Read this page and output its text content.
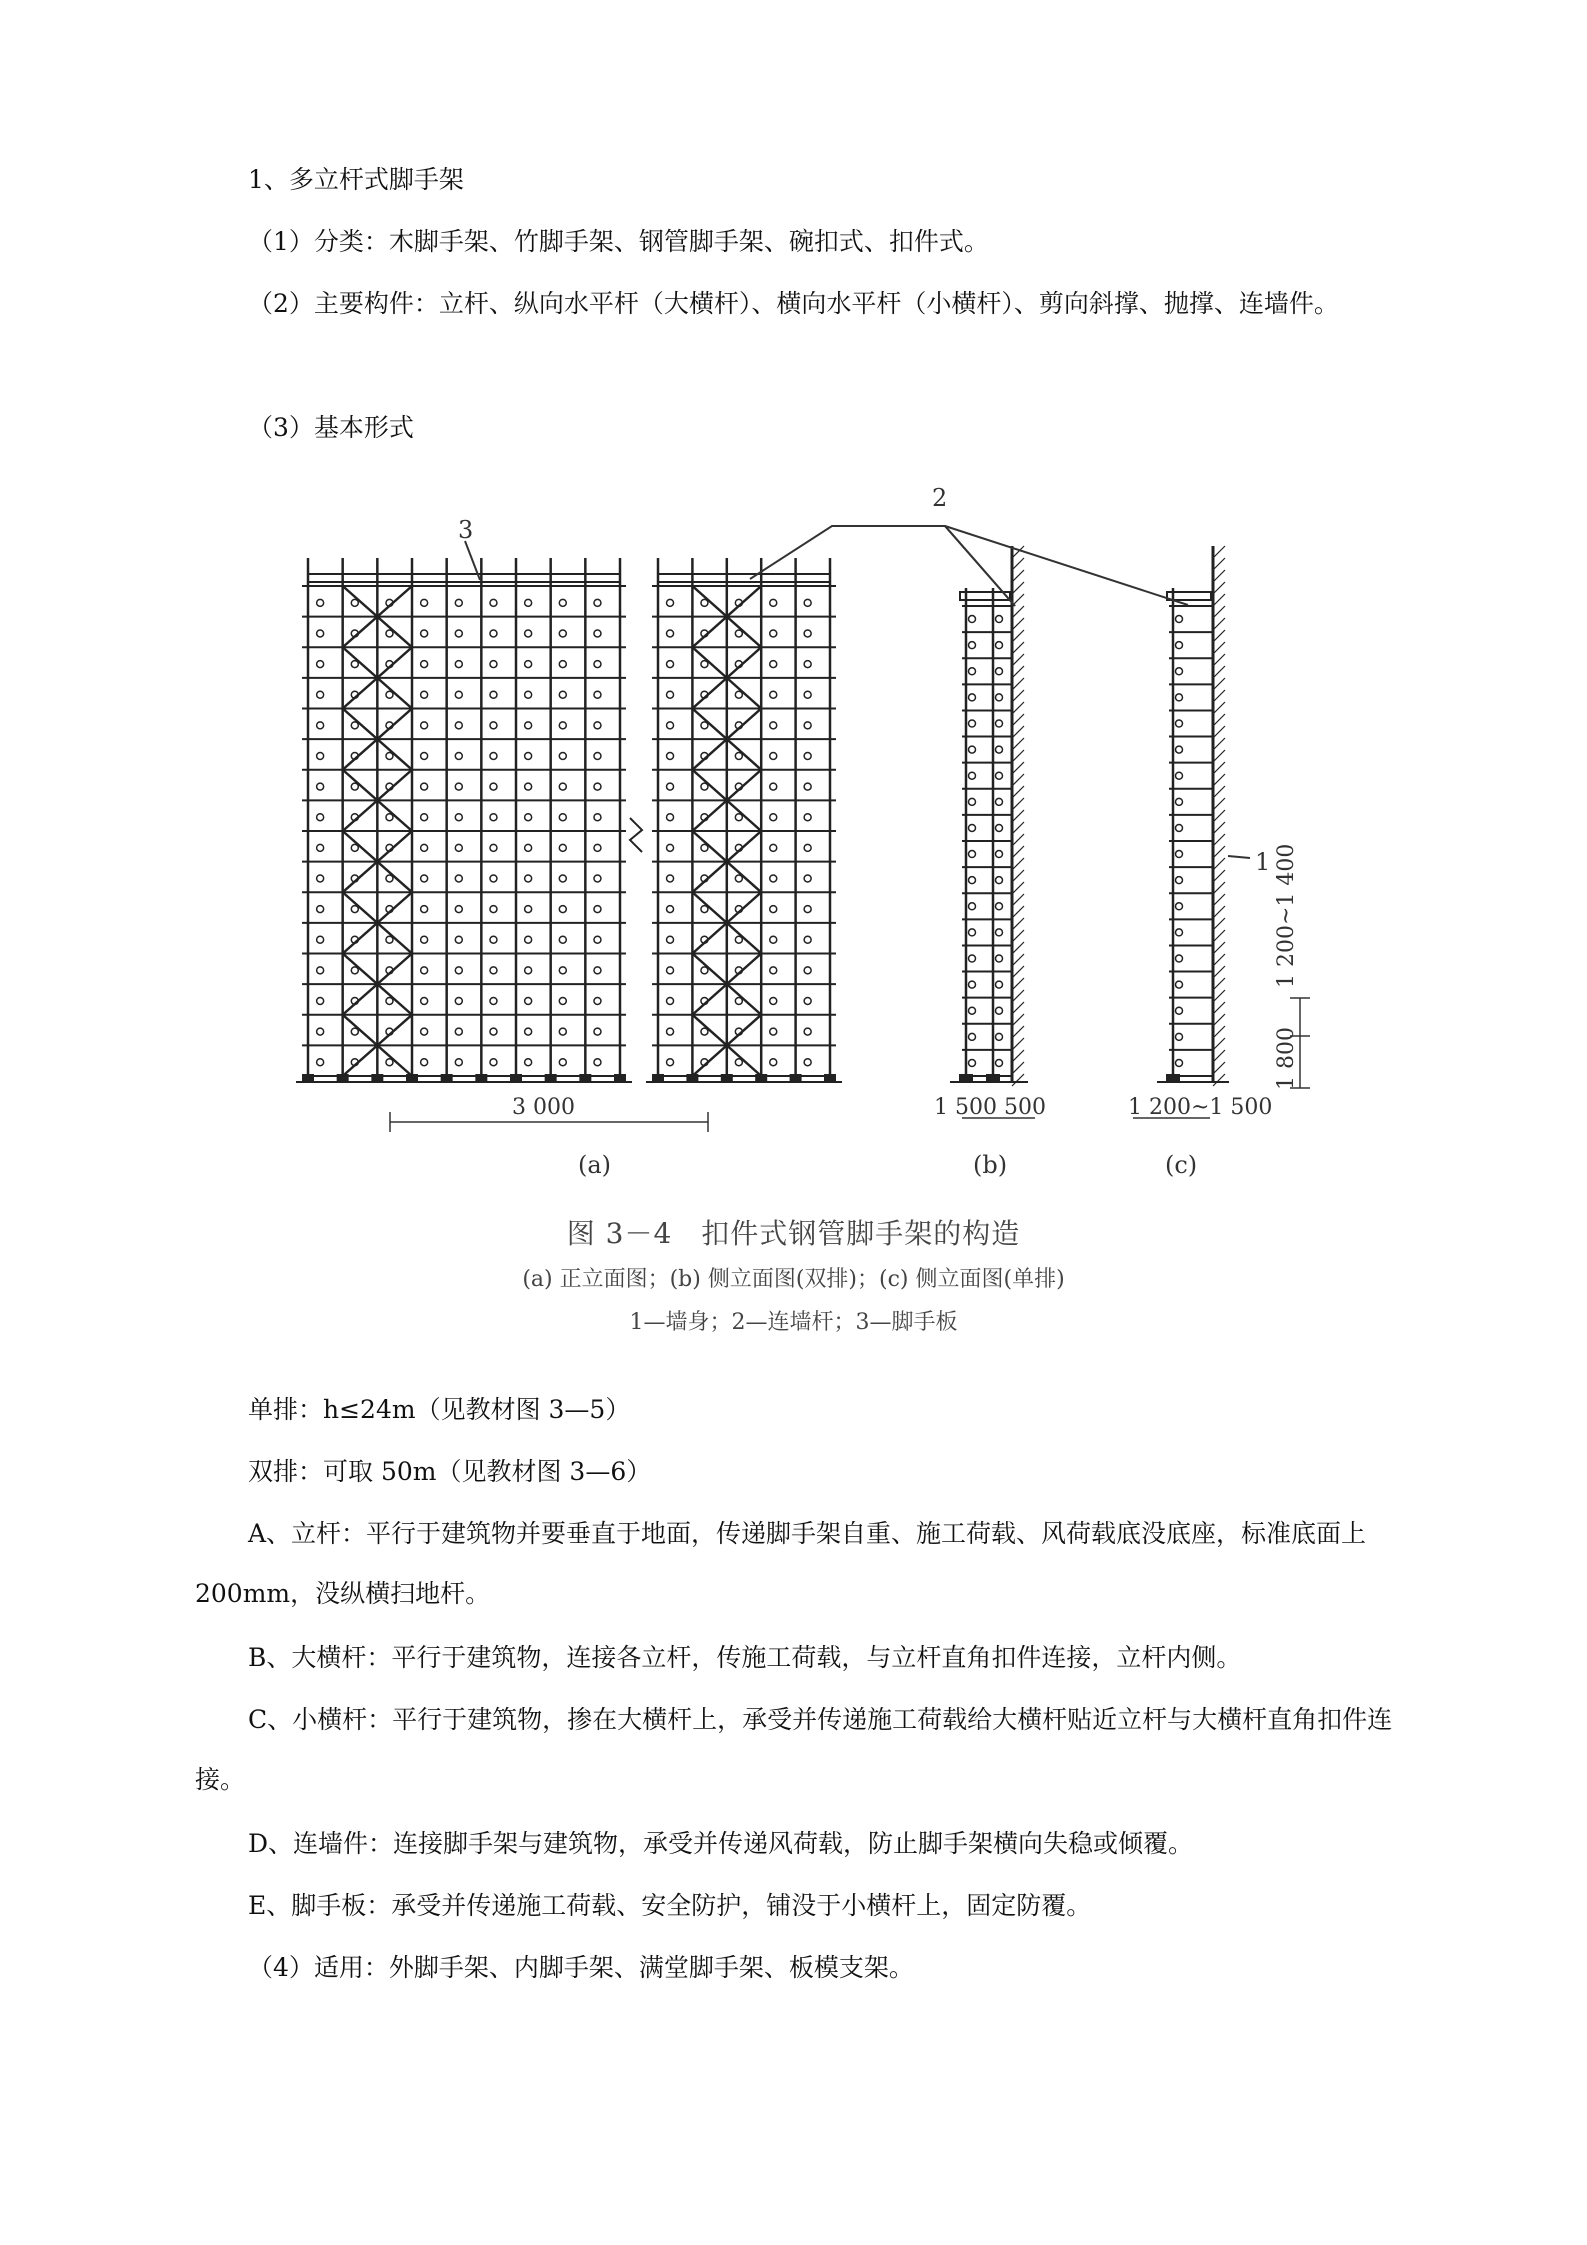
1、多立杆式脚手架

（1）分类：木脚手架、竹脚手架、钢管脚手架、碗扣式、扣件式。

（2）主要构件：立杆、纵向水平杆（大横杆）、横向水平杆（小横杆）、剪向斜撑、抛撑、连墙件。

（3）基本形式

3
2
1
3 000	1 500 500	1 200~1 500
1 200~1 400
1 800
(a)	(b)	(c)
图 3－4　扣件式钢管脚手架的构造
(a) 正立面图；(b) 侧立面图(双排)；(c) 侧立面图(单排)
1—墙身；2—连墙杆；3—脚手板

单排：h≤24m（见教材图 3—5）

双排：可取 50m（见教材图 3—6）

A、立杆：平行于建筑物并要垂直于地面，传递脚手架自重、施工荷载、风荷载底没底座，标准底面上 200mm，没纵横扫地杆。

B、大横杆：平行于建筑物，连接各立杆，传施工荷载，与立杆直角扣件连接，立杆内侧。

C、小横杆：平行于建筑物，掺在大横杆上，承受并传递施工荷载给大横杆贴近立杆与大横杆直角扣件连接。

D、连墙件：连接脚手架与建筑物，承受并传递风荷载，防止脚手架横向失稳或倾覆。

E、脚手板：承受并传递施工荷载、安全防护，铺没于小横杆上，固定防覆。

（4）适用：外脚手架、内脚手架、满堂脚手架、板模支架。
